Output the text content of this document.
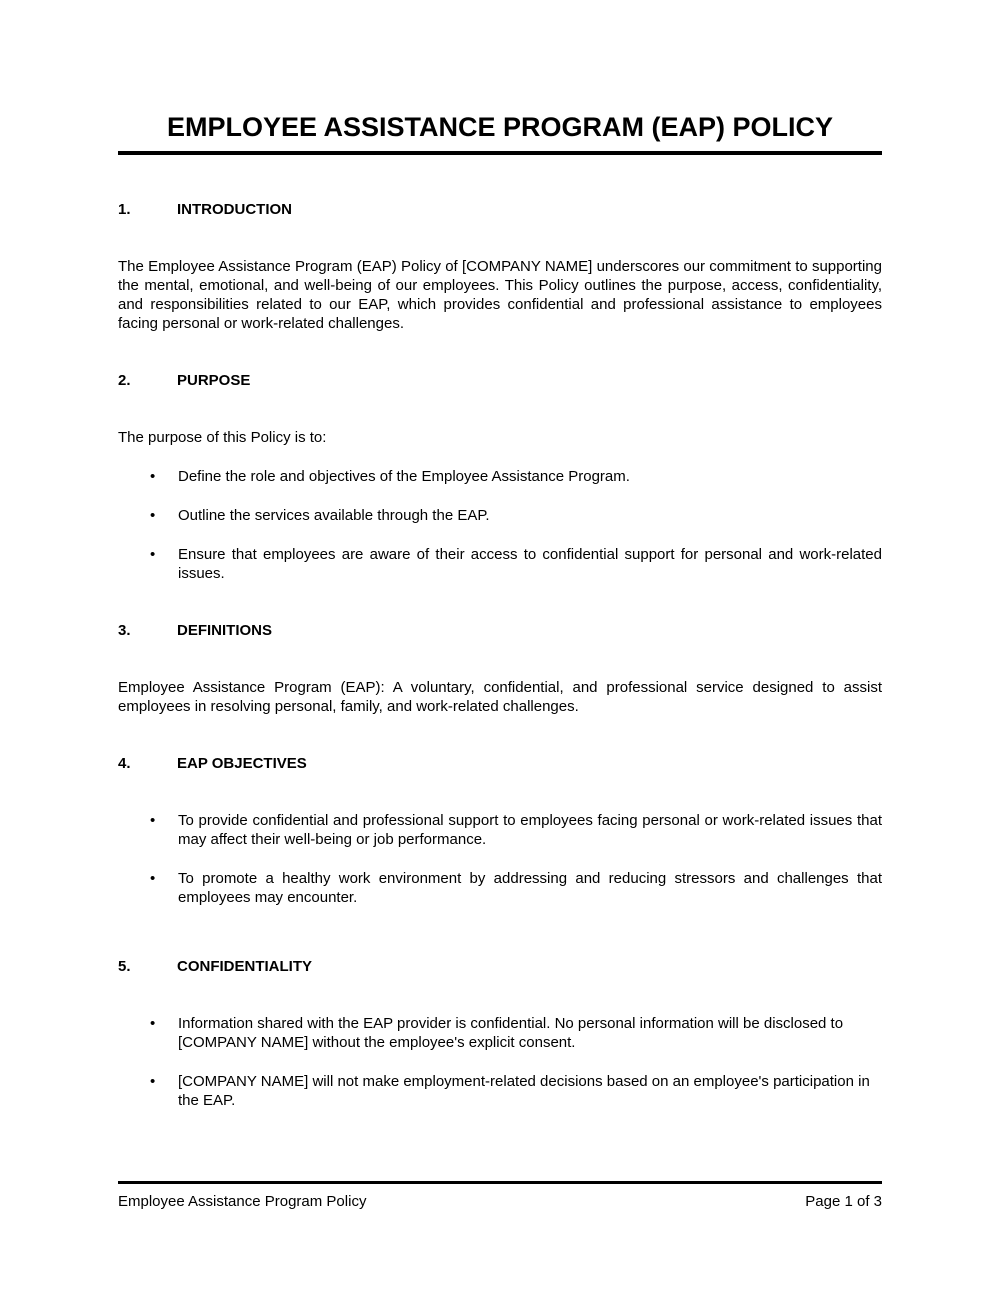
EMPLOYEE ASSISTANCE PROGRAM (EAP) POLICY
1.	INTRODUCTION

The Employee Assistance Program (EAP) Policy of [COMPANY NAME] underscores our commitment to supporting the mental, emotional, and well-being of our employees. This Policy outlines the purpose, access, confidentiality, and responsibilities related to our EAP, which provides confidential and professional assistance to employees facing personal or work-related challenges.

2.	PURPOSE

The purpose of this Policy is to:

•	Define the role and objectives of the Employee Assistance Program.
•	Outline the services available through the EAP.
•	Ensure that employees are aware of their access to confidential support for personal and work-related issues.
3.	DEFINITIONS

Employee Assistance Program (EAP): A voluntary, confidential, and professional service designed to assist employees in resolving personal, family, and work-related challenges.

4.	EAP OBJECTIVES
•	To provide confidential and professional support to employees facing personal or work-related issues that may affect their well-being or job performance.
•	To promote a healthy work environment by addressing and reducing stressors and challenges that employees may encounter.
5.	CONFIDENTIALITY
•	Information shared with the EAP provider is confidential. No personal information will be disclosed to [COMPANY NAME] without the employee's explicit consent.
•	[COMPANY NAME] will not make employment-related decisions based on an employee's participation in the EAP.
Employee Assistance Program Policy	Page 1 of 3
